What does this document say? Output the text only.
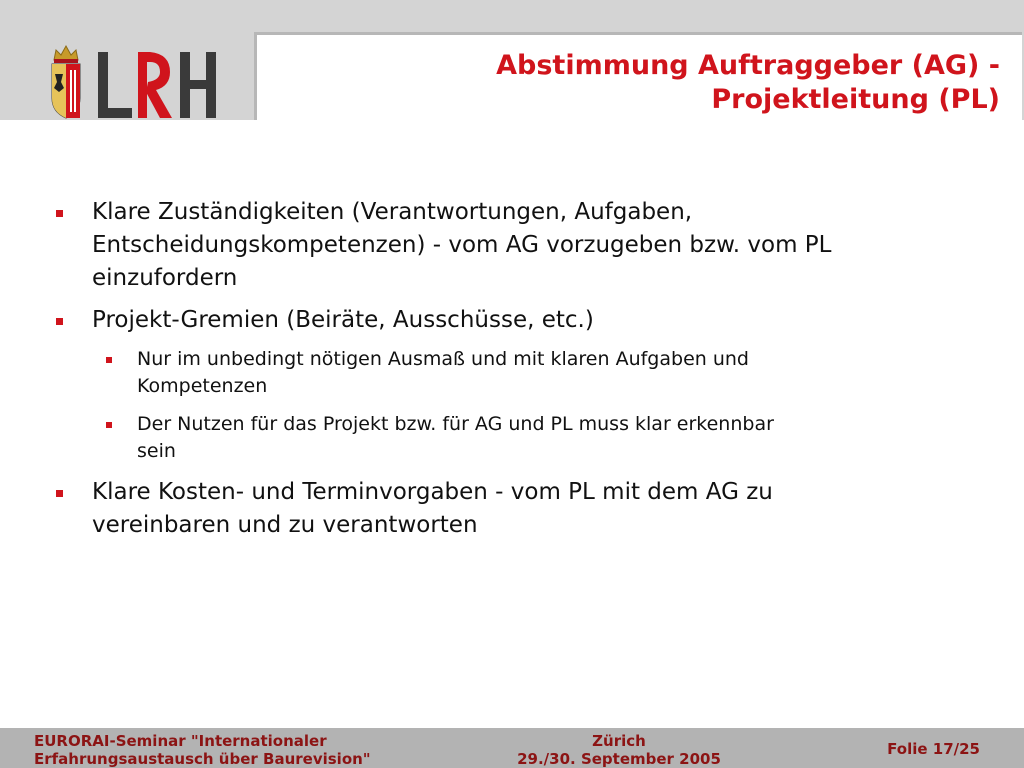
Abstimmung Auftraggeber (AG) -
Projektleitung (PL)
Klare Zuständigkeiten (Verantwortungen, Aufgaben, Entscheidungskompetenzen) - vom AG vorzugeben bzw. vom PL einzufordern
Projekt-Gremien (Beiräte, Ausschüsse, etc.)
Nur im unbedingt nötigen Ausmaß und mit klaren Aufgaben und Kompetenzen
Der Nutzen für das Projekt bzw. für AG und PL muss klar erkennbar sein
Klare Kosten- und Terminvorgaben - vom PL mit dem AG zu vereinbaren und zu verantworten
EURORAI-Seminar "Internationaler
Erfahrungsaustausch über Baurevision"
Zürich
29./30. September 2005
Folie 17/25
